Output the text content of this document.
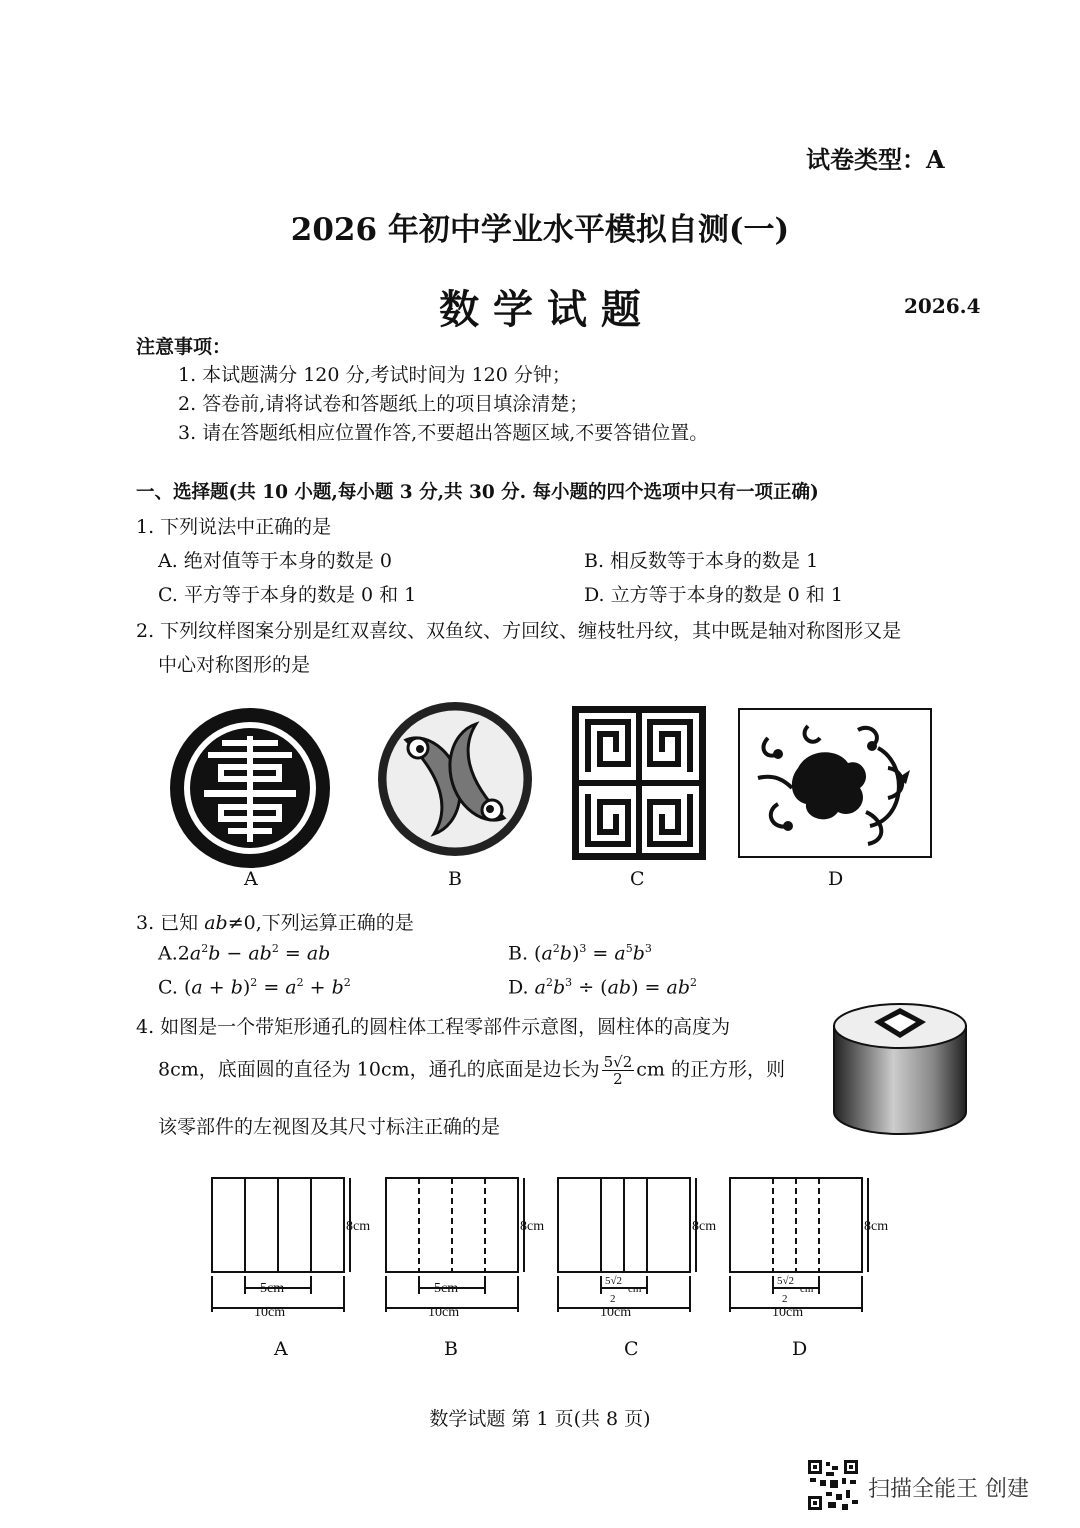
试卷类型：A
2026 年初中学业水平模拟自测(一)
数 学 试 题	2026.4
注意事项：
1. 本试题满分 120 分,考试时间为 120 分钟；
2. 答卷前,请将试卷和答题纸上的项目填涂清楚；
3. 请在答题纸相应位置作答,不要超出答题区域,不要答错位置。
一、选择题(共 10 小题,每小题 3 分,共 30 分. 每小题的四个选项中只有一项正确)
1. 下列说法中正确的是
A. 绝对值等于本身的数是 0	B. 相反数等于本身的数是 1
C. 平方等于本身的数是 0 和 1	D. 立方等于本身的数是 0 和 1
2. 下列纹样图案分别是红双喜纹、双鱼纹、方回纹、缠枝牡丹纹，其中既是轴对称图形又是
中心对称图形的是
A	B	C	D
3. 已知 ab≠0,下列运算正确的是
$A.2a^2b - ab^2$ = ab	B. $(a^2b)^3 = a^5b^3$
C. $(a + b)^2 = a^2 + b^2$	D. $a^2b^3 \div (ab) = ab^2$
4. 如图是一个带矩形通孔的圆柱体工程零部件示意图，圆柱体的高度为
8cm，底面圆的直径为 10cm，通孔的底面是边长为 $\frac{5√2}{2}$ cm 的正方形，则
该零部件的左视图及其尺寸标注正确的是
8cm	8cm	8cm	8cm
5cm	5cm	5√2
cm
2
5√2
cm
2
10cm	10cm	10cm	10cm
A	B	C	D
数学试题 第 1 页(共 8 页)
扫描全能王 创建
